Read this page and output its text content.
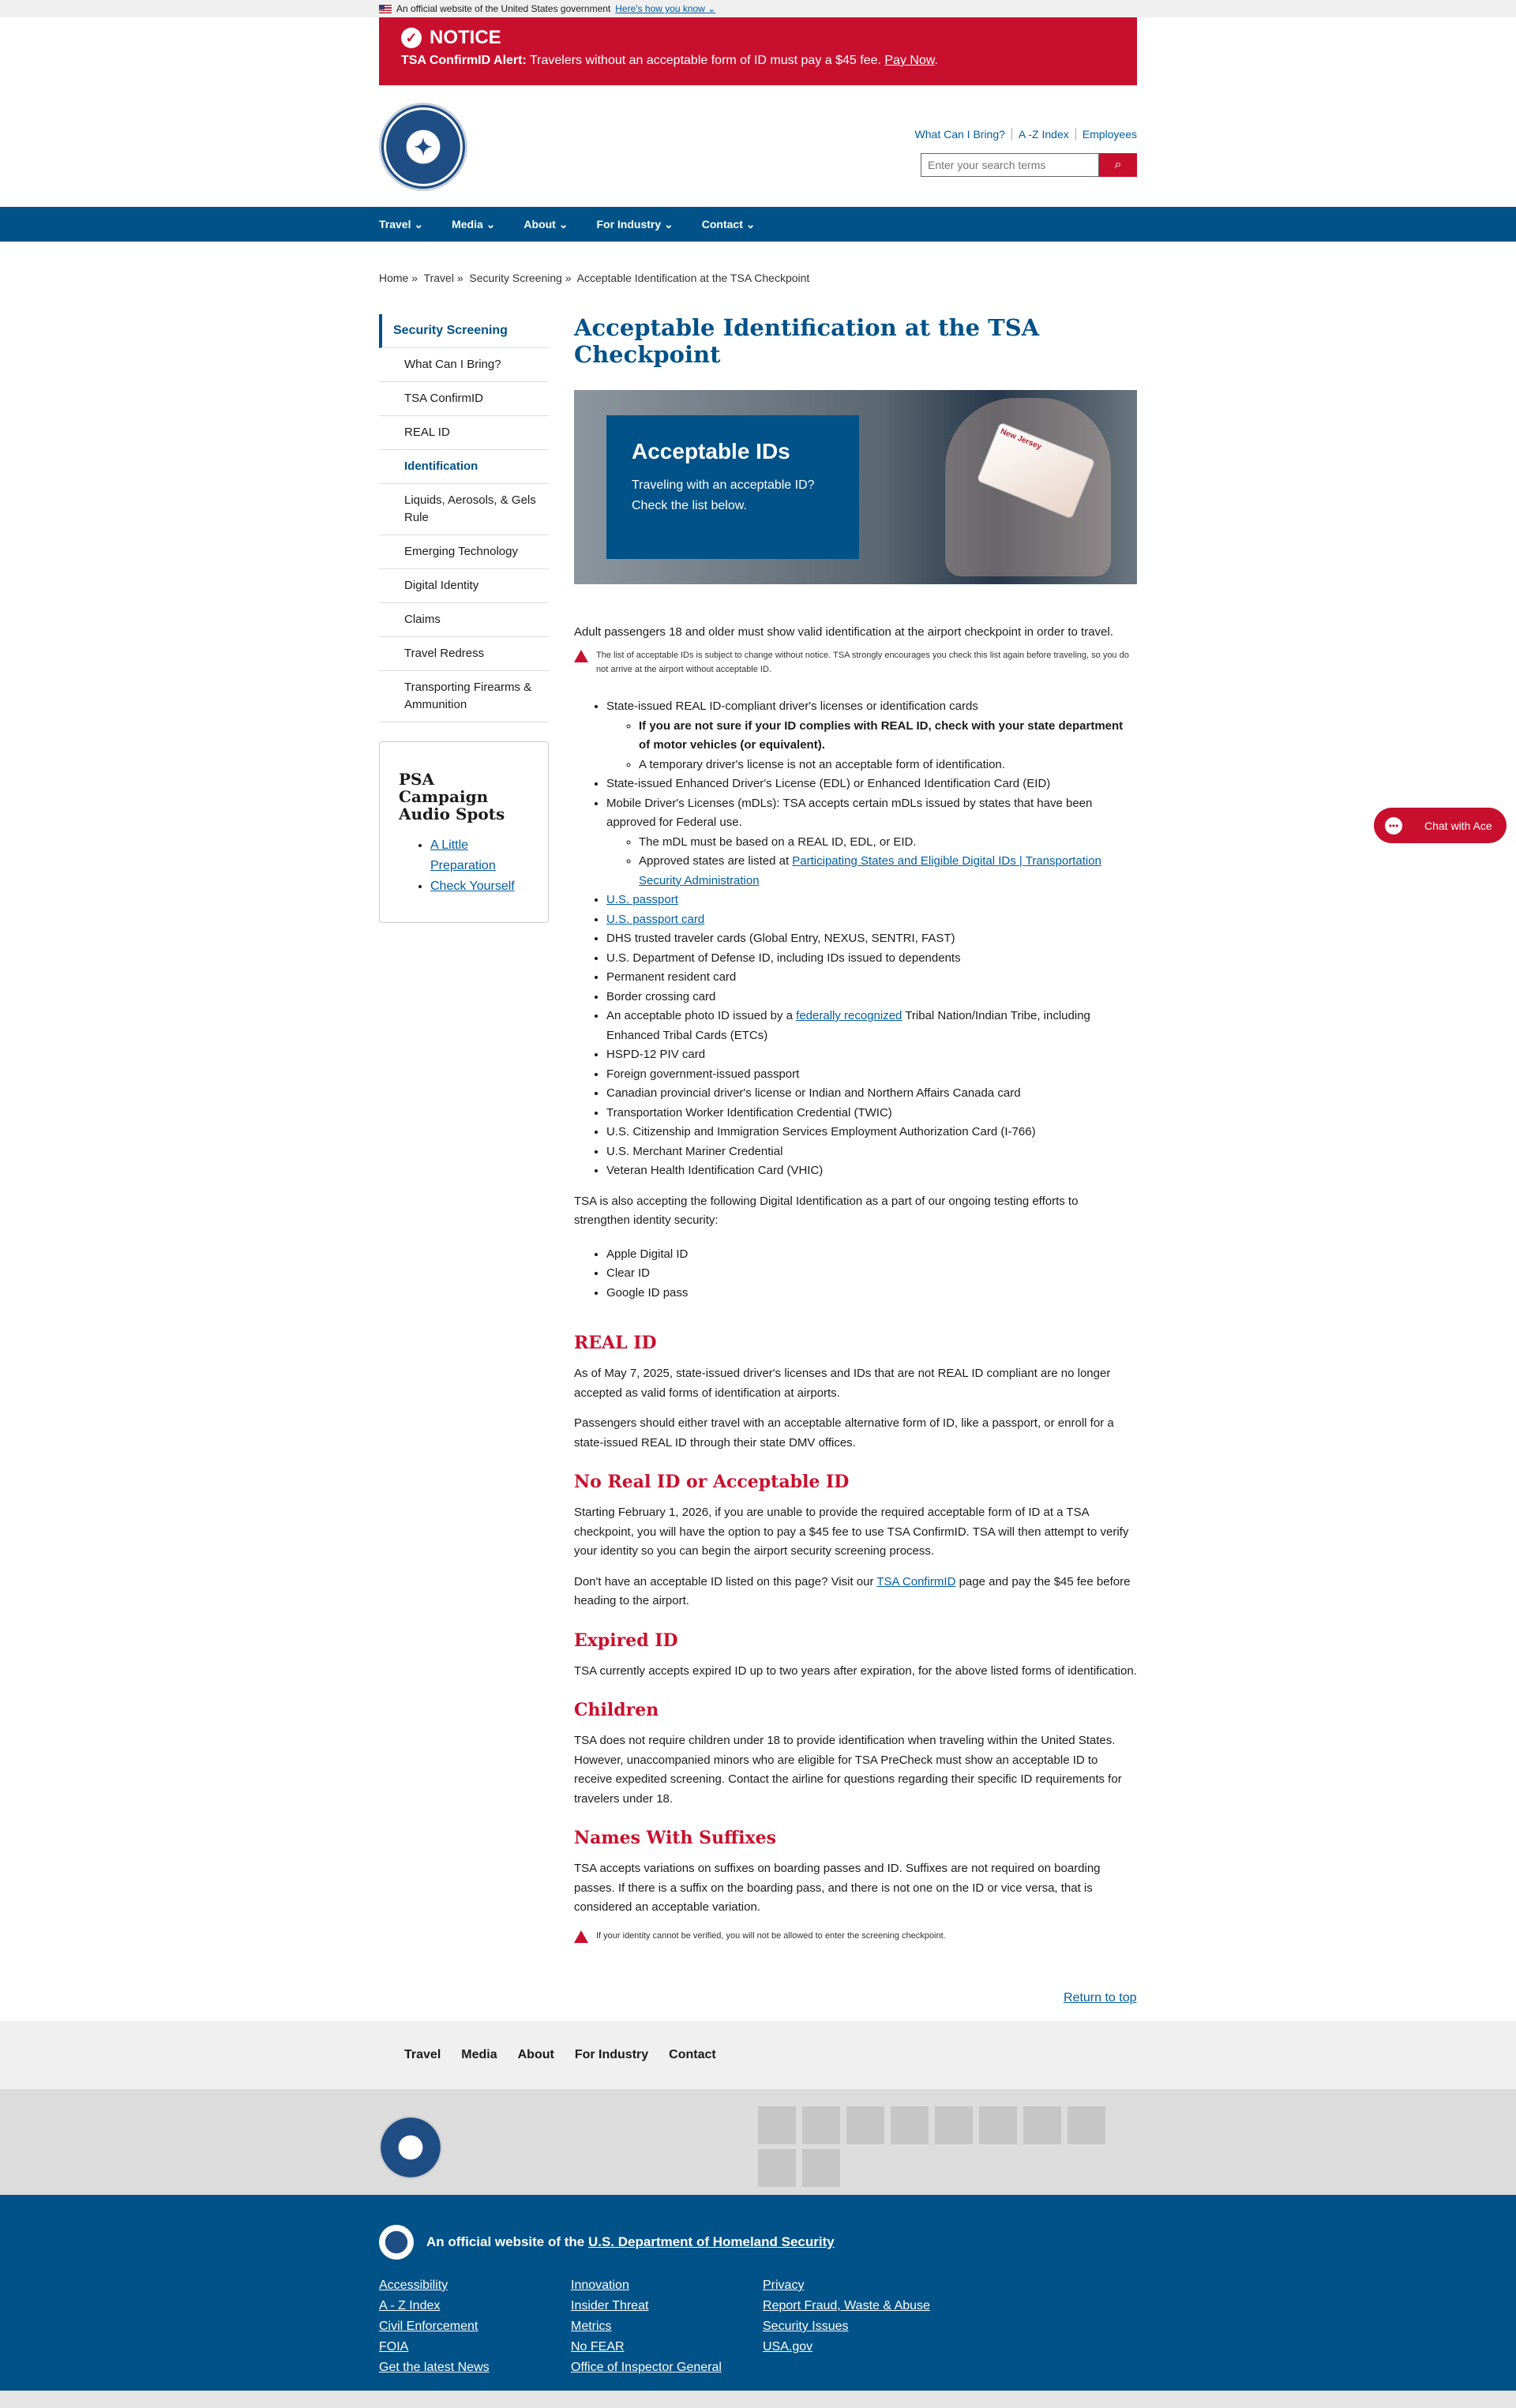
An official website of the United States government Here's how you know ⌄
✓ NOTICE
TSA ConfirmID Alert: Travelers without an acceptable form of ID must pay a $45 fee. Pay Now.
✦
What Can I Bring?	A -Z Index	Employees
Enter your search terms
⌕
Travel ⌄	Media ⌄	About ⌄	For Industry ⌄	Contact ⌄
Home » Travel » Security Screening » Acceptable Identification at the TSA Checkpoint
Security Screening
What Can I Bring?
TSA ConfirmID
REAL ID
Identification
Liquids, Aerosols, & Gels Rule
Emerging Technology
Digital Identity
Claims
Travel Redress
Transporting Firearms & Ammunition
PSA Campaign Audio Spots
• A Little Preparation
• Check Yourself
Acceptable Identification at the TSA Checkpoint
New Jersey
Acceptable IDs

Traveling with an acceptable ID? Check the list below.

Adult passengers 18 and older must show valid identification at the airport checkpoint in order to travel.

The list of acceptable IDs is subject to change without notice. TSA strongly encourages you check this list again before traveling, so you do not arrive at the airport without acceptable ID.
• State-issued REAL ID-compliant driver's licenses or identification cards
◦ If you are not sure if your ID complies with REAL ID, check with your state department of motor vehicles (or equivalent).
◦ A temporary driver's license is not an acceptable form of identification.
• State-issued Enhanced Driver's License (EDL) or Enhanced Identification Card (EID)
• Mobile Driver's Licenses (mDLs): TSA accepts certain mDLs issued by states that have been approved for Federal use.
◦ The mDL must be based on a REAL ID, EDL, or EID.
◦ Approved states are listed at Participating States and Eligible Digital IDs | Transportation Security Administration
• U.S. passport
• U.S. passport card
• DHS trusted traveler cards (Global Entry, NEXUS, SENTRI, FAST)
• U.S. Department of Defense ID, including IDs issued to dependents
• Permanent resident card
• Border crossing card
• An acceptable photo ID issued by a federally recognized Tribal Nation/Indian Tribe, including Enhanced Tribal Cards (ETCs)
• HSPD-12 PIV card
• Foreign government-issued passport
• Canadian provincial driver's license or Indian and Northern Affairs Canada card
• Transportation Worker Identification Credential (TWIC)
• U.S. Citizenship and Immigration Services Employment Authorization Card (I-766)
• U.S. Merchant Mariner Credential
• Veteran Health Identification Card (VHIC)

TSA is also accepting the following Digital Identification as a part of our ongoing testing efforts to strengthen identity security:

• Apple Digital ID
• Clear ID
• Google ID pass
REAL ID

As of May 7, 2025, state-issued driver's licenses and IDs that are not REAL ID compliant are no longer accepted as valid forms of identification at airports.

Passengers should either travel with an acceptable alternative form of ID, like a passport, or enroll for a state-issued REAL ID through their state DMV offices.

No Real ID or Acceptable ID

Starting February 1, 2026, if you are unable to provide the required acceptable form of ID at a TSA checkpoint, you will have the option to pay a $45 fee to use TSA ConfirmID. TSA will then attempt to verify your identity so you can begin the airport security screening process.

Don't have an acceptable ID listed on this page? Visit our TSA ConfirmID page and pay the $45 fee before heading to the airport.

Expired ID

TSA currently accepts expired ID up to two years after expiration, for the above listed forms of identification.

Children

TSA does not require children under 18 to provide identification when traveling within the United States. However, unaccompanied minors who are eligible for TSA PreCheck must show an acceptable ID to receive expedited screening. Contact the airline for questions regarding their specific ID requirements for travelers under 18.

Names With Suffixes

TSA accepts variations on suffixes on boarding passes and ID. Suffixes are not required on boarding passes. If there is a suffix on the boarding pass, and there is not one on the ID or vice versa, that is considered an acceptable variation.

If your identity cannot be verified, you will not be allowed to enter the screening checkpoint.
Return to top
•••	Chat with Ace
Travel Media About For Industry Contact
An official website of the U.S. Department of Homeland Security
Accessibility
A - Z Index
Civil Enforcement
FOIA
Get the latest News
Innovation
Insider Threat
Metrics
No FEAR
Office of Inspector General
Privacy
Report Fraud, Waste & Abuse
Security Issues
USA.gov
